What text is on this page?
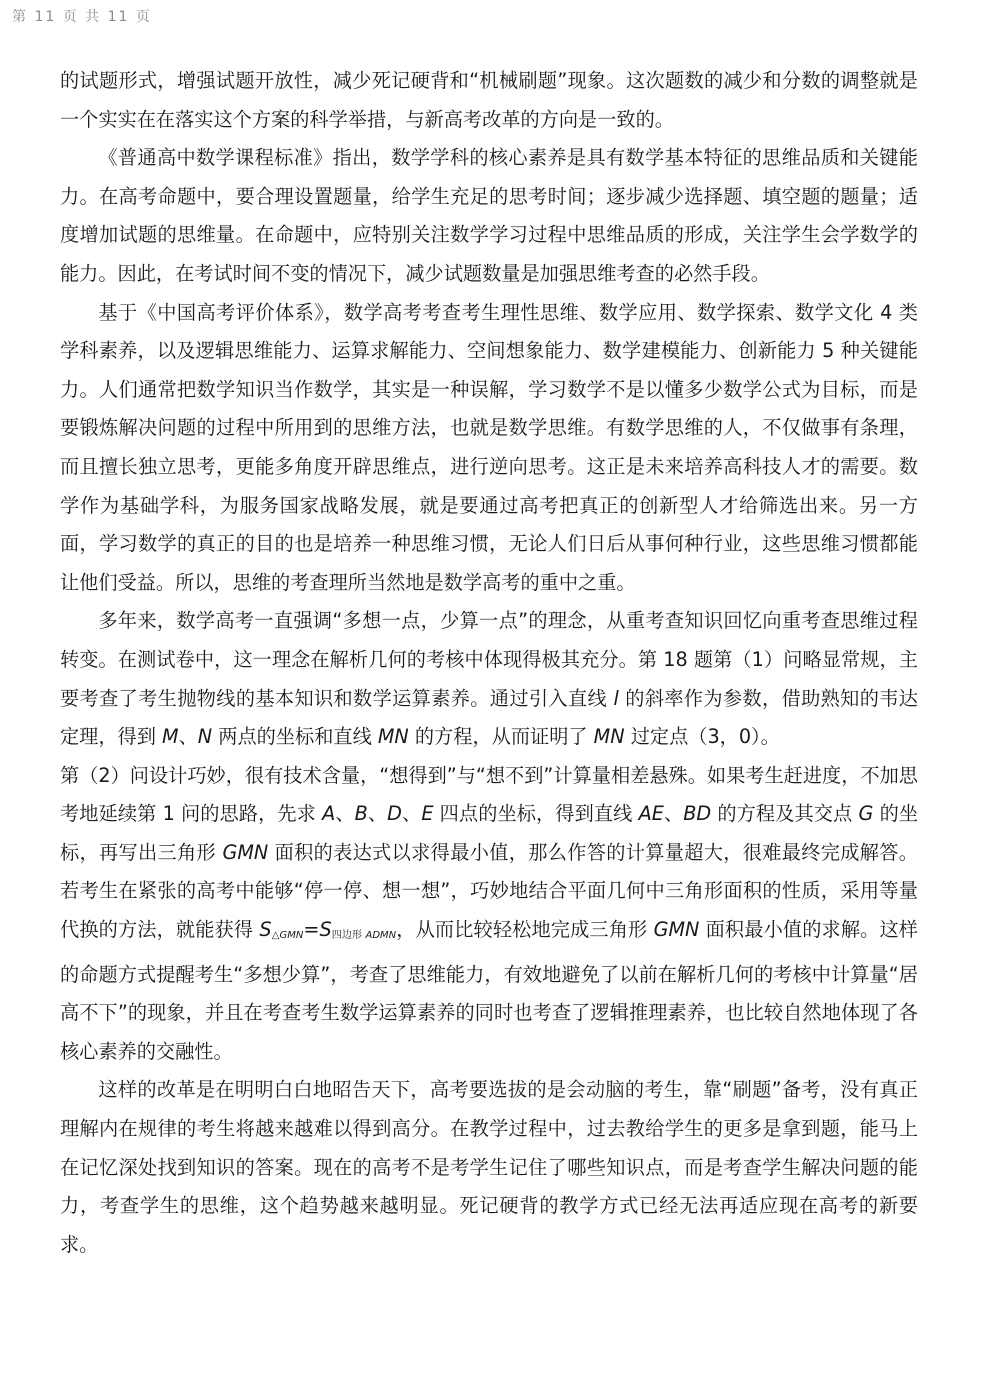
第 11 页 共 11 页

的试题形式，增强试题开放性，减少死记硬背和“机械刷题”现象。这次题数的减少和分数的调整就是一个实实在在落实这个方案的科学举措，与新高考改革的方向是一致的。

《普通高中数学课程标准》指出，数学学科的核心素养是具有数学基本特征的思维品质和关键能力。在高考命题中，要合理设置题量，给学生充足的思考时间；逐步减少选择题、填空题的题量；适度增加试题的思维量。在命题中，应特别关注数学学习过程中思维品质的形成，关注学生会学数学的能力。因此，在考试时间不变的情况下，减少试题数量是加强思维考查的必然手段。

基于《中国高考评价体系》，数学高考考查考生理性思维、数学应用、数学探索、数学文化 4 类学科素养，以及逻辑思维能力、运算求解能力、空间想象能力、数学建模能力、创新能力 5 种关键能力。人们通常把数学知识当作数学，其实是一种误解，学习数学不是以懂多少数学公式为目标，而是要锻炼解决问题的过程中所用到的思维方法，也就是数学思维。有数学思维的人，不仅做事有条理，而且擅长独立思考，更能多角度开辟思维点，进行逆向思考。这正是未来培养高科技人才的需要。数学作为基础学科，为服务国家战略发展，就是要通过高考把真正的创新型人才给筛选出来。另一方面，学习数学的真正的目的也是培养一种思维习惯，无论人们日后从事何种行业，这些思维习惯都能让他们受益。所以，思维的考查理所当然地是数学高考的重中之重。

多年来，数学高考一直强调“多想一点，少算一点”的理念，从重考查知识回忆向重考查思维过程转变。在测试卷中，这一理念在解析几何的考核中体现得极其充分。第 18 题第（1）问略显常规，主要考查了考生抛物线的基本知识和数学运算素养。通过引入直线 l 的斜率作为参数，借助熟知的韦达定理，得到 M、N 两点的坐标和直线 MN 的方程，从而证明了 MN 过定点（3，0）。

第（2）问设计巧妙，很有技术含量，“想得到”与“想不到”计算量相差悬殊。如果考生赶进度，不加思考地延续第 1 问的思路，先求 A、B、D、E 四点的坐标，得到直线 AE、BD 的方程及其交点 G 的坐标，再写出三角形 GMN 面积的表达式以求得最小值，那么作答的计算量超大，很难最终完成解答。若考生在紧张的高考中能够“停一停、想一想”，巧妙地结合平面几何中三角形面积的性质，采用等量代换的方法，就能获得 $S\triangle_{GMN}=S$四边形 $_{ADMN}$，从而比较轻松地完成三角形 GMN 面积最小值的求解。这样的命题方式提醒考生“多想少算”，考查了思维能力，有效地避免了以前在解析几何的考核中计算量“居高不下”的现象，并且在考查考生数学运算素养的同时也考查了逻辑推理素养，也比较自然地体现了各核心素养的交融性。

这样的改革是在明明白白地昭告天下，高考要选拔的是会动脑的考生，靠“刷题”备考，没有真正理解内在规律的考生将越来越难以得到高分。在教学过程中，过去教给学生的更多是拿到题，能马上在记忆深处找到知识的答案。现在的高考不是考学生记住了哪些知识点，而是考查学生解决问题的能力，考查学生的思维，这个趋势越来越明显。死记硬背的教学方式已经无法再适应现在高考的新要求。
